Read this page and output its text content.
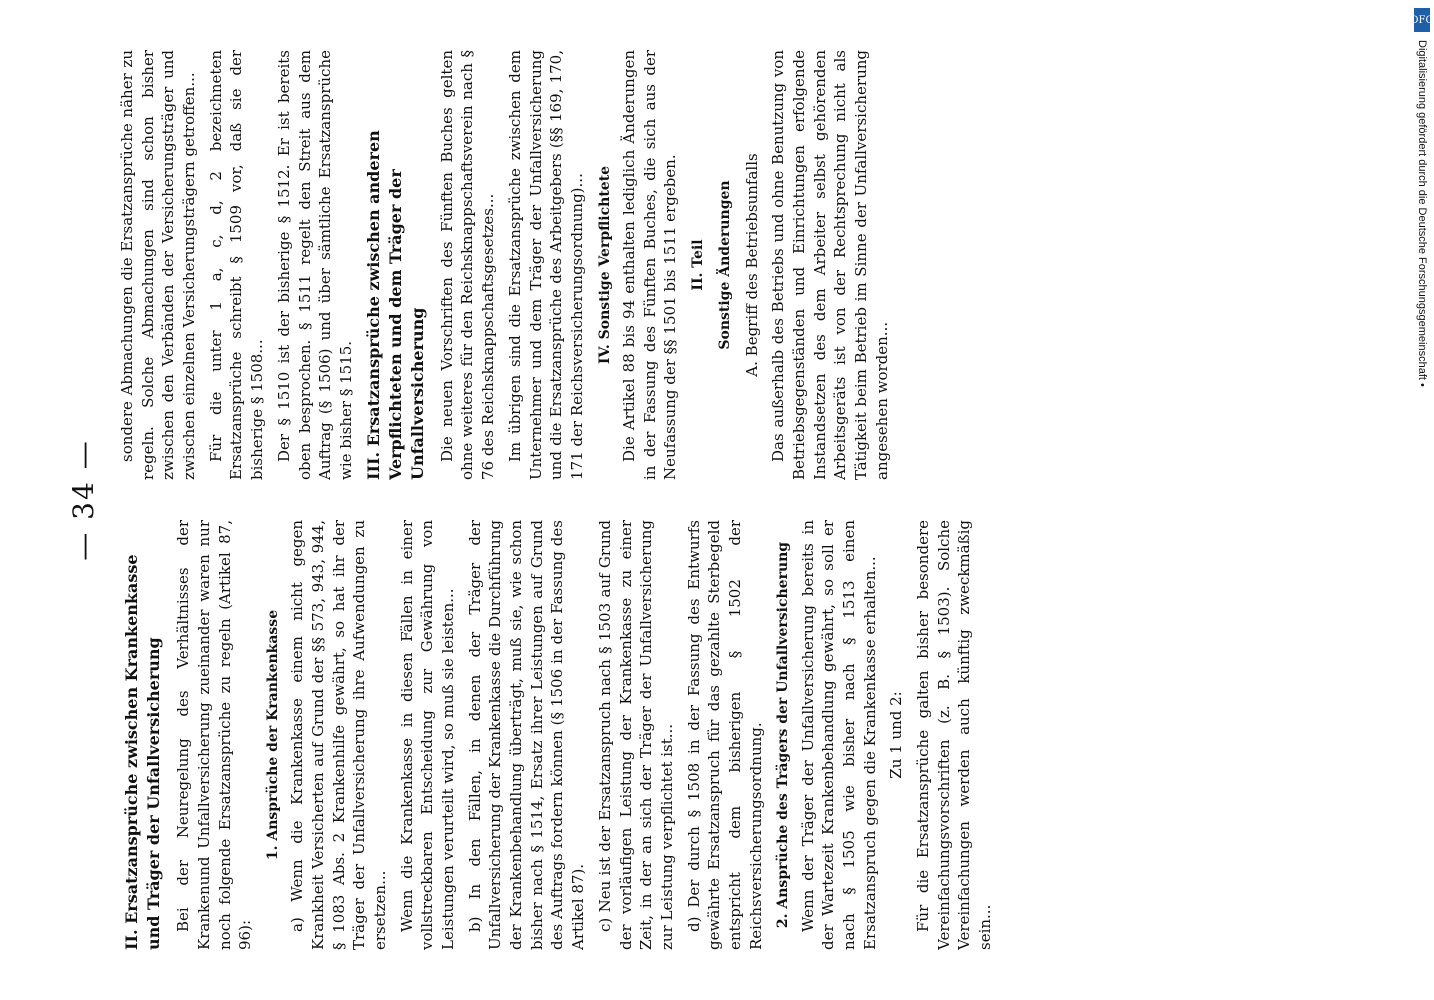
— 34 —
II. Ersatzansprüche zwischen Krankenkasse und Träger der Unfallversicherung Bei der Neuregelung des Verhältnisses der Krankenund Unfallversicherung zueinander waren nur noch folgende Ersatzansprüche zu regeln (Artikel 87, 96):

1. Ansprüche der Krankenkasse a) Wenn die Krankenkasse einem nicht gegen Krankheit Versicherten auf Grund der §§ 573, 943, 944, § 1083 Abs. 2 Krankenhilfe gewährt, so hat ihr der Träger der Unfallversicherung ihre Aufwendungen zu ersetzen... Wenn die Krankenkasse in diesen Fällen in einer vollstreckbaren Entscheidung zur Gewährung von Leistungen verurteilt wird, so muß sie leisten... b) In den Fällen, in denen der Träger der Unfallversicherung der Krankenkasse die Durchführung der Krankenbehandlung überträgt, muß sie, wie schon bisher nach § 1514, Ersatz ihrer Leistungen auf Grund des Auftrags fordern können (§ 1506 in der Fassung des Artikel 87). c) Neu ist der Ersatzanspruch nach § 1503 auf Grund der vorläufigen Leistung der Krankenkasse zu einer Zeit, in der an sich der Träger der Unfallversicherung zur Leistung verpflichtet ist... d) Der durch § 1508 in der Fassung des Entwurfs gewährte Ersatzanspruch für das gezahlte Sterbegeld entspricht dem bisherigen § 1502 der Reichsversicherungsordnung. 2. Ansprüche des Trägers der Unfallversicherung Wenn der Träger der Unfallversicherung bereits in der Wartezeit Krankenbehandlung gewährt, so soll er nach § 1505 wie bisher nach § 1513 einen Ersatzanspruch gegen die Krankenkasse erhalten... Zu 1 und 2: Für die Ersatzansprüche galten bisher besondere Vereinfachungsvorschriften (z. B. § 1503). Solche Vereinfachungen werden auch künftig zweckmäßig sein...

sondere Abmachungen die Ersatzansprüche näher zu regeln. Solche Abmachungen sind schon bisher zwischen den Verbänden der Versicherungsträger und zwischen einzelnen Versicherungsträgern getroffen... Für die unter 1 a, c, d, 2 bezeichneten Ersatzansprüche schreibt § 1509 vor, daß sie der bisherige § 1508... Der § 1510 ist der bisherige § 1512. Er ist bereits oben besprochen. § 1511 regelt den Streit aus dem Auftrag (§ 1506) und über sämtliche Ersatzansprüche wie bisher § 1515. III. Ersatzansprüche zwischen anderen Verpflichteten und dem Träger der Unfallversicherung Die neuen Vorschriften des Fünften Buches gelten ohne weiteres für den Reichsknappschaftsverein nach § 76 des Reichsknappschaftsgesetzes... Im übrigen sind die Ersatzansprüche zwischen dem Unternehmer und dem Träger der Unfallversicherung und die Ersatzansprüche des Arbeitgebers (§§ 169, 170, 171 der Reichsversicherungsordnung)... IV. Sonstige Verpflichtete Die Artikel 88 bis 94 enthalten lediglich Änderungen in der Fassung des Fünften Buches, die sich aus der Neufassung der §§ 1501 bis 1511 ergeben. II. Teil Sonstige Änderungen A. Begriff des Betriebsunfalls Das außerhalb des Betriebs und ohne Benutzung von Betriebsgegenständen und Einrichtungen erfolgende Instandsetzen des dem Arbeiter selbst gehörenden Arbeitsgeräts ist von der Rechtsprechung nicht als Tätigkeit beim Betrieb im Sinne der Unfallversicherung angesehen worden...

DFG
Digitalisierung gefördert durch die Deutsche Forschungsgemeinschaft •
